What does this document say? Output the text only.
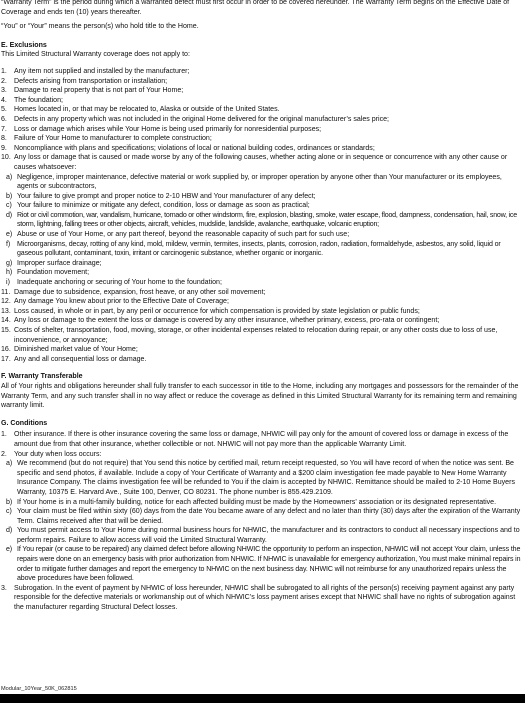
“Warranty Term” is the period during which a warranted defect must first occur in order to be covered hereunder. The Warranty Term begins on the Effective Date of Coverage and ends ten (10) years thereafter.

“You” or “Your” means the person(s) who hold title to the Home.

E. Exclusions

This Limited Structural Warranty coverage does not apply to:

1.	Any item not supplied and installed by the manufacturer;
2.	Defects arising from transportation or installation;
3.	Damage to real property that is not part of Your Home;
4.	The foundation;
5.	Homes located in, or that may be relocated to, Alaska or outside of the United States.
6.	Defects in any property which was not included in the original Home delivered for the original manufacturer’s sales price;
7.	Loss or damage which arises while Your Home is being used primarily for nonresidential purposes;
8.	Failure of Your Home to manufacturer to complete construction;
9.	Noncompliance with plans and specifications; violations of local or national building codes, ordinances or standards;
10. Any loss or damage that is caused or made worse by any of the following causes, whether acting alone or in sequence or concurrence with any other cause or causes whatsoever:
a) Negligence, improper maintenance, defective material or work supplied by, or improper operation by anyone other than Your manufacturer or its employees, agents or subcontractors,
b) Your failure to give prompt and proper notice to 2-10 HBW and Your manufacturer of any defect;
c) Your failure to minimize or mitigate any defect, condition, loss or damage as soon as practical;
d) Riot or civil commotion, war, vandalism, hurricane, tornado or other windstorm, fire, explosion, blasting, smoke, water escape, flood, dampness, condensation, hail, snow, ice storm, lightning, falling trees or other objects, aircraft, vehicles, mudslide, landslide, avalanche, earthquake, volcanic eruption;
e) Abuse or use of Your Home, or any part thereof, beyond the reasonable capacity of such part for such use;
f) Microorganisms, decay, rotting of any kind, mold, mildew, vermin, termites, insects, plants, corrosion, radon, radiation, formaldehyde, asbestos, any solid, liquid or gaseous pollutant, contaminant, toxin, irritant or carcinogenic substance, whether organic or inorganic.
g) Improper surface drainage;
h) Foundation movement;
i)	Inadequate anchoring or securing of Your home to the foundation;
11. Damage due to subsidence, expansion, frost heave, or any other soil movement;
12. Any damage You knew about prior to the Effective Date of Coverage;
13. Loss caused, in whole or in part, by any peril or occurrence for which compensation is provided by state legislation or public funds;
14. Any loss or damage to the extent the loss or damage is covered by any other insurance, whether primary, excess, pro-rata or contingent;
15. Costs of shelter, transportation, food, moving, storage, or other incidental expenses related to relocation during repair, or any other costs due to loss of use, inconvenience, or annoyance;
16. Diminished market value of Your Home;
17. Any and all consequential loss or damage.

F. Warranty Transferable

All of Your rights and obligations hereunder shall fully transfer to each successor in title to the Home, including any mortgages and possessors for the remainder of the Warranty Term, and any such transfer shall in no way affect or reduce the coverage as defined in this Limited Structural Warranty for its remaining term and remaining warranty limit.

G. Conditions

1.	Other insurance. If there is other insurance covering the same loss or damage, NHWIC will pay only for the amount of covered loss or damage in excess of the amount due from that other insurance, whether collectible or not. NHWIC will not pay more than the applicable Warranty Limit.
2.	Your duty when loss occurs:
a) We recommend (but do not require) that You send this notice by certified mail, return receipt requested, so You will have record of when the notice was sent. Be specific and send photos, if available. Include a copy of Your Certificate of Warranty and a $200 claim investigation fee made payable to New Home Warranty Insurance Company. The claims investigation fee will be refunded to You if the claim is accepted by NHWIC. Remittance should be mailed to 2-10 Home Buyers Warranty, 10375 E. Harvard Ave., Suite 100, Denver, CO 80231. The phone number is 855.429.2109.
b) If Your home is in a multi-family building, notice for each affected building must be made by the Homeowners’ association or its designated representative.
c) Your claim must be filed within sixty (60) days from the date You became aware of any defect and no later than thirty (30) days after the expiration of the Warranty Term. Claims received after that will be denied.
d) You must permit access to Your Home during normal business hours for NHWIC, the manufacturer and its contractors to conduct all necessary inspections and to perform repairs. Failure to allow access will void the Limited Structural Warranty.
e) If You repair (or cause to be repaired) any claimed defect before allowing NHWIC the opportunity to perform an inspection, NHWIC will not accept Your claim, unless the repairs were done on an emergency basis with prior authorization from NHWIC. If NHWIC is unavailable for emergency authorization, You must make minimal repairs in order to mitigate further damages and report the emergency to NHWIC on the next business day. NHWIC will not reimburse for any unauthorized repairs unless the above procedures have been followed.
3.	Subrogation. In the event of payment by NHWIC of loss hereunder, NHWIC shall be subrogated to all rights of the person(s) receiving payment against any party responsible for the defective materials or workmanship out of which NHWIC’s loss payment arises except that NHWIC shall have no rights of subrogation against the manufacturer regarding Structural Defect losses.
Modular_10Year_50K_062815
